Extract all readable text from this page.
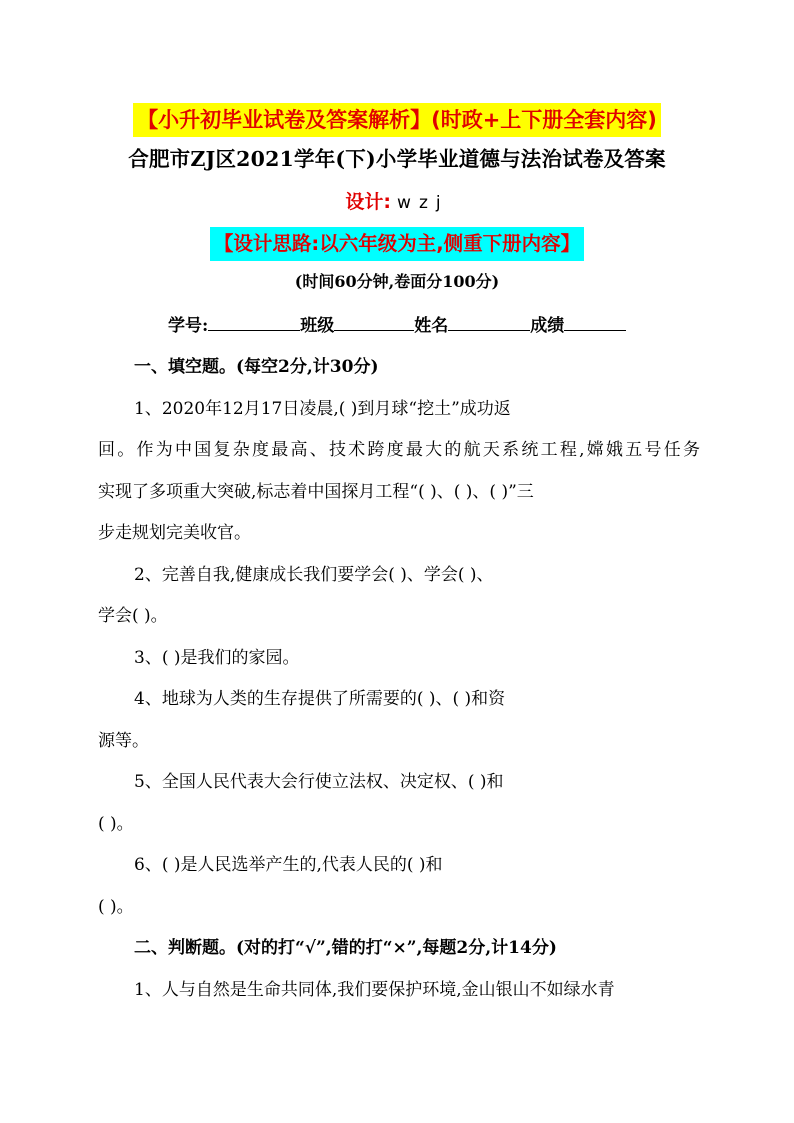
【小升初毕业试卷及答案解析】(时政+上下册全套内容)
合肥市ZJ区2021学年(下)小学毕业道德与法治试卷及答案
设计: wzj
【设计思路:以六年级为主,侧重下册内容】
(时间60分钟,卷面分100分)
学号:	班级	姓名	成绩
一、填空题。(每空2分,计30分)
1、2020年12月17日凌晨,( )到月球“挖土”成功返
回。作为中国复杂度最高、技术跨度最大的航天系统工程,嫦娥五号任务
实现了多项重大突破,标志着中国探月工程“( )、( )、( )”三
步走规划完美收官。
2、完善自我,健康成长我们要学会( )、学会( )、
学会( )。
3、( )是我们的家园。
4、地球为人类的生存提供了所需要的( )、( )和资
源等。
5、全国人民代表大会行使立法权、决定权、( )和
( )。
6、( )是人民选举产生的,代表人民的( )和
( )。
二、判断题。(对的打“√”,错的打“×”,每题2分,计14分)
1、人与自然是生命共同体,我们要保护环境,金山银山不如绿水青
